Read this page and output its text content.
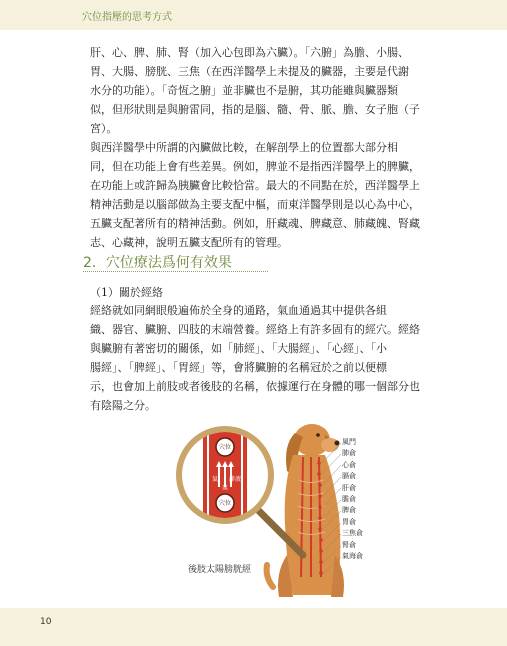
穴位指壓的思考方式

肝、心、脾、肺、腎（加入心包即為六臟）。「六腑」為膽、小腸、
胃、大腸、膀胱、三焦（在西洋醫學上未提及的臟器，主要是代謝
水分的功能）。「奇恆之腑」並非臟也不是腑，其功能雖與臟器類
似，但形狀則是與腑雷同，指的是腦、髓、骨、脈、膽、女子胞（子
宮）。

與西洋醫學中所謂的內臟做比較，在解剖學上的位置都大部分相
同，但在功能上會有些差異。例如，脾並不是指西洋醫學上的脾臟，
在功能上或許歸為胰臟會比較恰當。最大的不同點在於，西洋醫學上
精神活動是以腦部做為主要支配中樞，而東洋醫學則是以心為中心，
五臟支配著所有的精神活動。例如，肝藏魂、脾藏意、肺藏魄、腎藏
志、心藏神，說明五臟支配所有的管理。

2．穴位療法爲何有效果
（1）關於經絡

經絡就如同網眼般遍佈於全身的通路，氣血通過其中提供各組
織、器官、臟腑、四肢的末端營養。經絡上有許多固有的經穴。經絡
與臟腑有著密切的關係，如「肺經」、「大腸經」、「心經」、「小
腸經」、「脾經」、「胃經」等，會將臟腑的名稱冠於之前以便標
示，也會加上前肢或者後肢的名稱，依據運行在身體的哪一個部分也
有陰陽之分。

穴位
穴位
氣
血
津液
風門
肺俞
心俞
膈俞
肝俞
膽俞
脾俞
胃俞
三焦俞
腎俞
氣海俞
後肢太陽膀胱經
10
